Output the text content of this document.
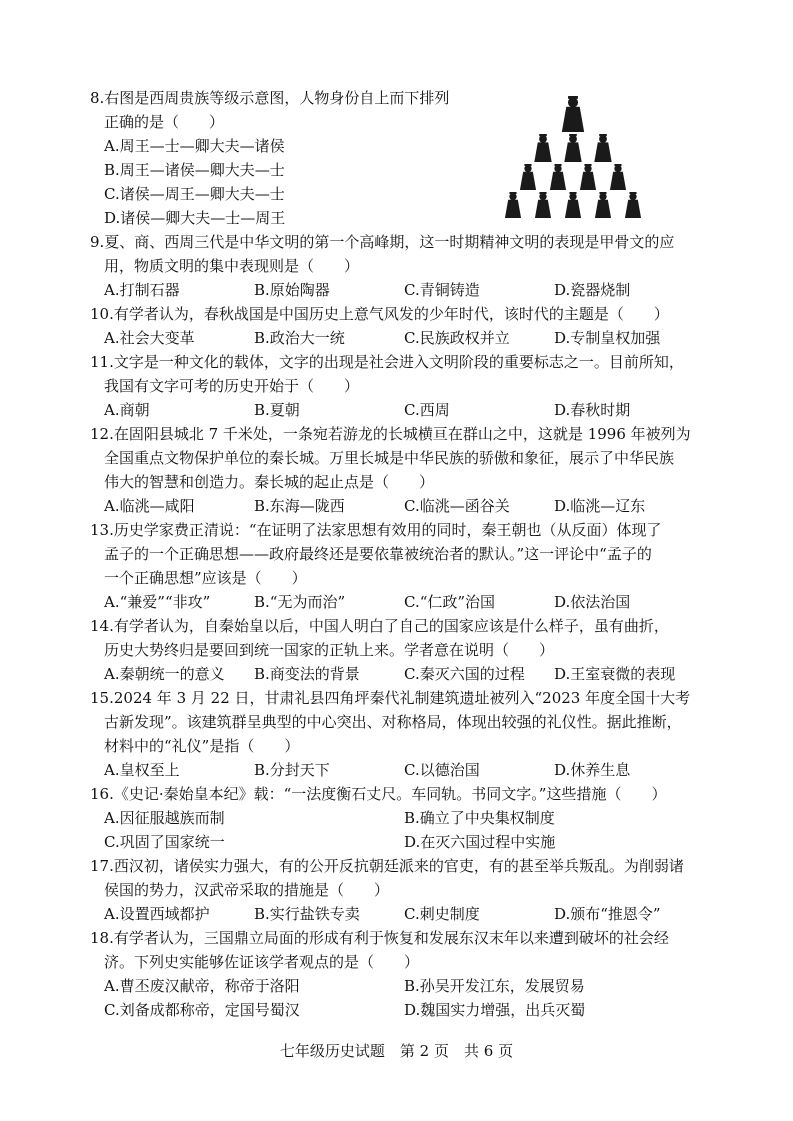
8.右图是西周贵族等级示意图，人物身份自上而下排列
正确的是（　　）
A.周王—士—卿大夫—诸侯
B.周王—诸侯—卿大夫—士
C.诸侯—周王—卿大夫—士
D.诸侯—卿大夫—士—周王
9.夏、商、西周三代是中华文明的第一个高峰期，这一时期精神文明的表现是甲骨文的应
用，物质文明的集中表现则是（　　）
A.打制石器	B.原始陶器	C.青铜铸造	D.瓷器烧制
10.有学者认为，春秋战国是中国历史上意气风发的少年时代，该时代的主题是（　　）
A.社会大变革	B.政治大一统	C.民族政权并立	D.专制皇权加强
11.文字是一种文化的载体，文字的出现是社会进入文明阶段的重要标志之一。目前所知，
我国有文字可考的历史开始于（　　）
A.商朝	B.夏朝	C.西周	D.春秋时期
12.在固阳县城北 7 千米处，一条宛若游龙的长城横亘在群山之中，这就是 1996 年被列为
全国重点文物保护单位的秦长城。万里长城是中华民族的骄傲和象征，展示了中华民族
伟大的智慧和创造力。秦长城的起止点是（　　）
A.临洮—咸阳	B.东海—陇西	C.临洮—函谷关	D.临洮—辽东
13.历史学家费正清说：“在证明了法家思想有效用的同时，秦王朝也（从反面）体现了
孟子的一个正确思想——政府最终还是要依靠被统治者的默认。”这一评论中“孟子的
一个正确思想”应该是（　　）
A.“兼爱”“非攻”	B.“无为而治”	C.“仁政”治国	D.依法治国
14.有学者认为，自秦始皇以后，中国人明白了自己的国家应该是什么样子，虽有曲折，
历史大势终归是要回到统一国家的正轨上来。学者意在说明（　　）
A.秦朝统一的意义 B.商变法的背景	C.秦灭六国的过程 D.王室衰微的表现
15.2024 年 3 月 22 日，甘肃礼县四角坪秦代礼制建筑遗址被列入“2023 年度全国十大考
古新发现”。该建筑群呈典型的中心突出、对称格局，体现出较强的礼仪性。据此推断，
材料中的“礼仪”是指（　　）
A.皇权至上	B.分封天下	C.以德治国	D.休养生息
16.《史记·秦始皇本纪》载：“一法度衡石丈尺。车同轨。书同文字。”这些措施（　　）
A.因征服越族而制	B.确立了中央集权制度
C.巩固了国家统一	D.在灭六国过程中实施
17.西汉初，诸侯实力强大，有的公开反抗朝廷派来的官吏，有的甚至举兵叛乱。为削弱诸
侯国的势力，汉武帝采取的措施是（　　）
A.设置西域都护	B.实行盐铁专卖	C.刺史制度	D.颁布“推恩令”
18.有学者认为，三国鼎立局面的形成有利于恢复和发展东汉末年以来遭到破坏的社会经
济。下列史实能够佐证该学者观点的是（　　）
A.曹丕废汉献帝，称帝于洛阳	B.孙吴开发江东，发展贸易
C.刘备成都称帝，定国号蜀汉	D.魏国实力增强，出兵灭蜀
七年级历史试题　第 2 页　共 6 页
